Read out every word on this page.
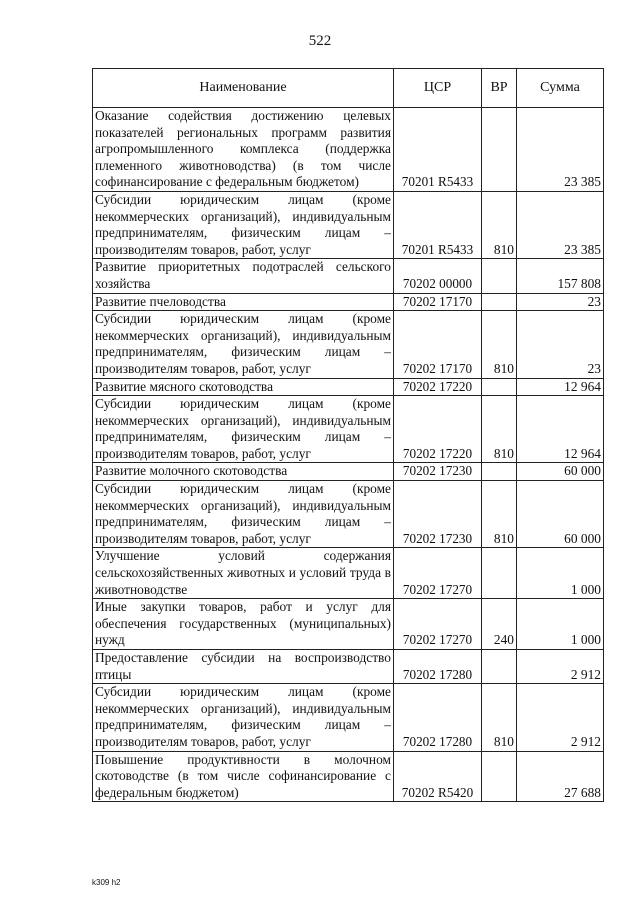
522
Наименование	ЦСР	ВР	Сумма
Оказание содействия достижению целевых показателей региональных программ развития агропромышленного комплекса (поддержка племенного животноводства) (в том числе софинансирование с федеральным бюджетом)	70201 R5433		23 385
Субсидии юридическим лицам (кроме некоммерческих организаций), индивидуальным предпринимателям, физическим лицам – производителям товаров, работ, услуг	70201 R5433	810	23 385
Развитие приоритетных подотраслей сельского хозяйства	70202 00000		157 808
Развитие пчеловодства	70202 17170		23
Субсидии юридическим лицам (кроме некоммерческих организаций), индивидуальным предпринимателям, физическим лицам – производителям товаров, работ, услуг	70202 17170	810	23
Развитие мясного скотоводства	70202 17220		12 964
Субсидии юридическим лицам (кроме некоммерческих организаций), индивидуальным предпринимателям, физическим лицам – производителям товаров, работ, услуг	70202 17220	810	12 964
Развитие молочного скотоводства	70202 17230		60 000
Субсидии юридическим лицам (кроме некоммерческих организаций), индивидуальным предпринимателям, физическим лицам – производителям товаров, работ, услуг	70202 17230	810	60 000
Улучшение условий содержания сельскохозяйственных животных и условий труда в животноводстве	70202 17270		1 000
Иные закупки товаров, работ и услуг для обеспечения государственных (муниципальных) нужд	70202 17270	240	1 000
Предоставление субсидии на воспроизводство птицы	70202 17280		2 912
Субсидии юридическим лицам (кроме некоммерческих организаций), индивидуальным предпринимателям, физическим лицам – производителям товаров, работ, услуг	70202 17280	810	2 912
Повышение продуктивности в молочном скотоводстве (в том числе софинансирование с федеральным бюджетом)	70202 R5420		27 688
k309 h2
